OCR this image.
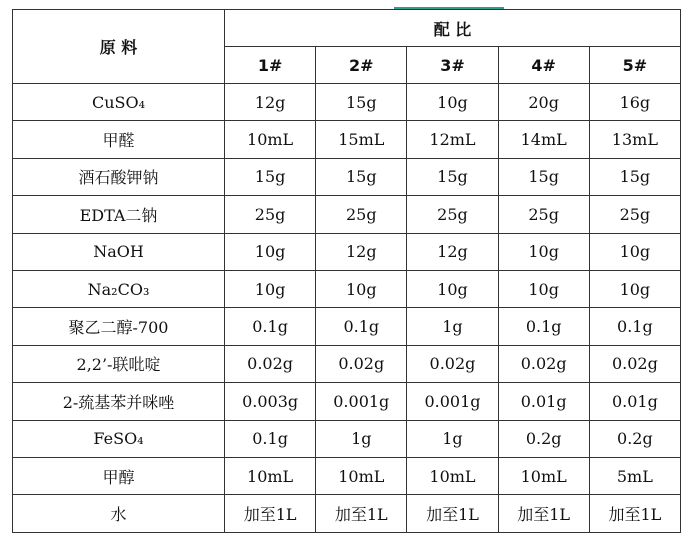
原 料	配 比				
	1#	2#	3#	4#	5#
CuSO₄	12g	15g	10g	20g	16g
甲醛	10mL	15mL	12mL	14mL	13mL
酒石酸钾钠	15g	15g	15g	15g	15g
EDTA二钠	25g	25g	25g	25g	25g
NaOH	10g	12g	12g	10g	10g
Na₂CO₃	10g	10g	10g	10g	10g
聚乙二醇-700	0.1g	0.1g	1g	0.1g	0.1g
2,2’-联吡啶	0.02g	0.02g	0.02g	0.02g	0.02g
2-巯基苯并咪唑	0.003g	0.001g	0.001g	0.01g	0.01g
FeSO₄	0.1g	1g	1g	0.2g	0.2g
甲醇	10mL	10mL	10mL	10mL	5mL
水	加至1L	加至1L	加至1L	加至1L	加至1L
